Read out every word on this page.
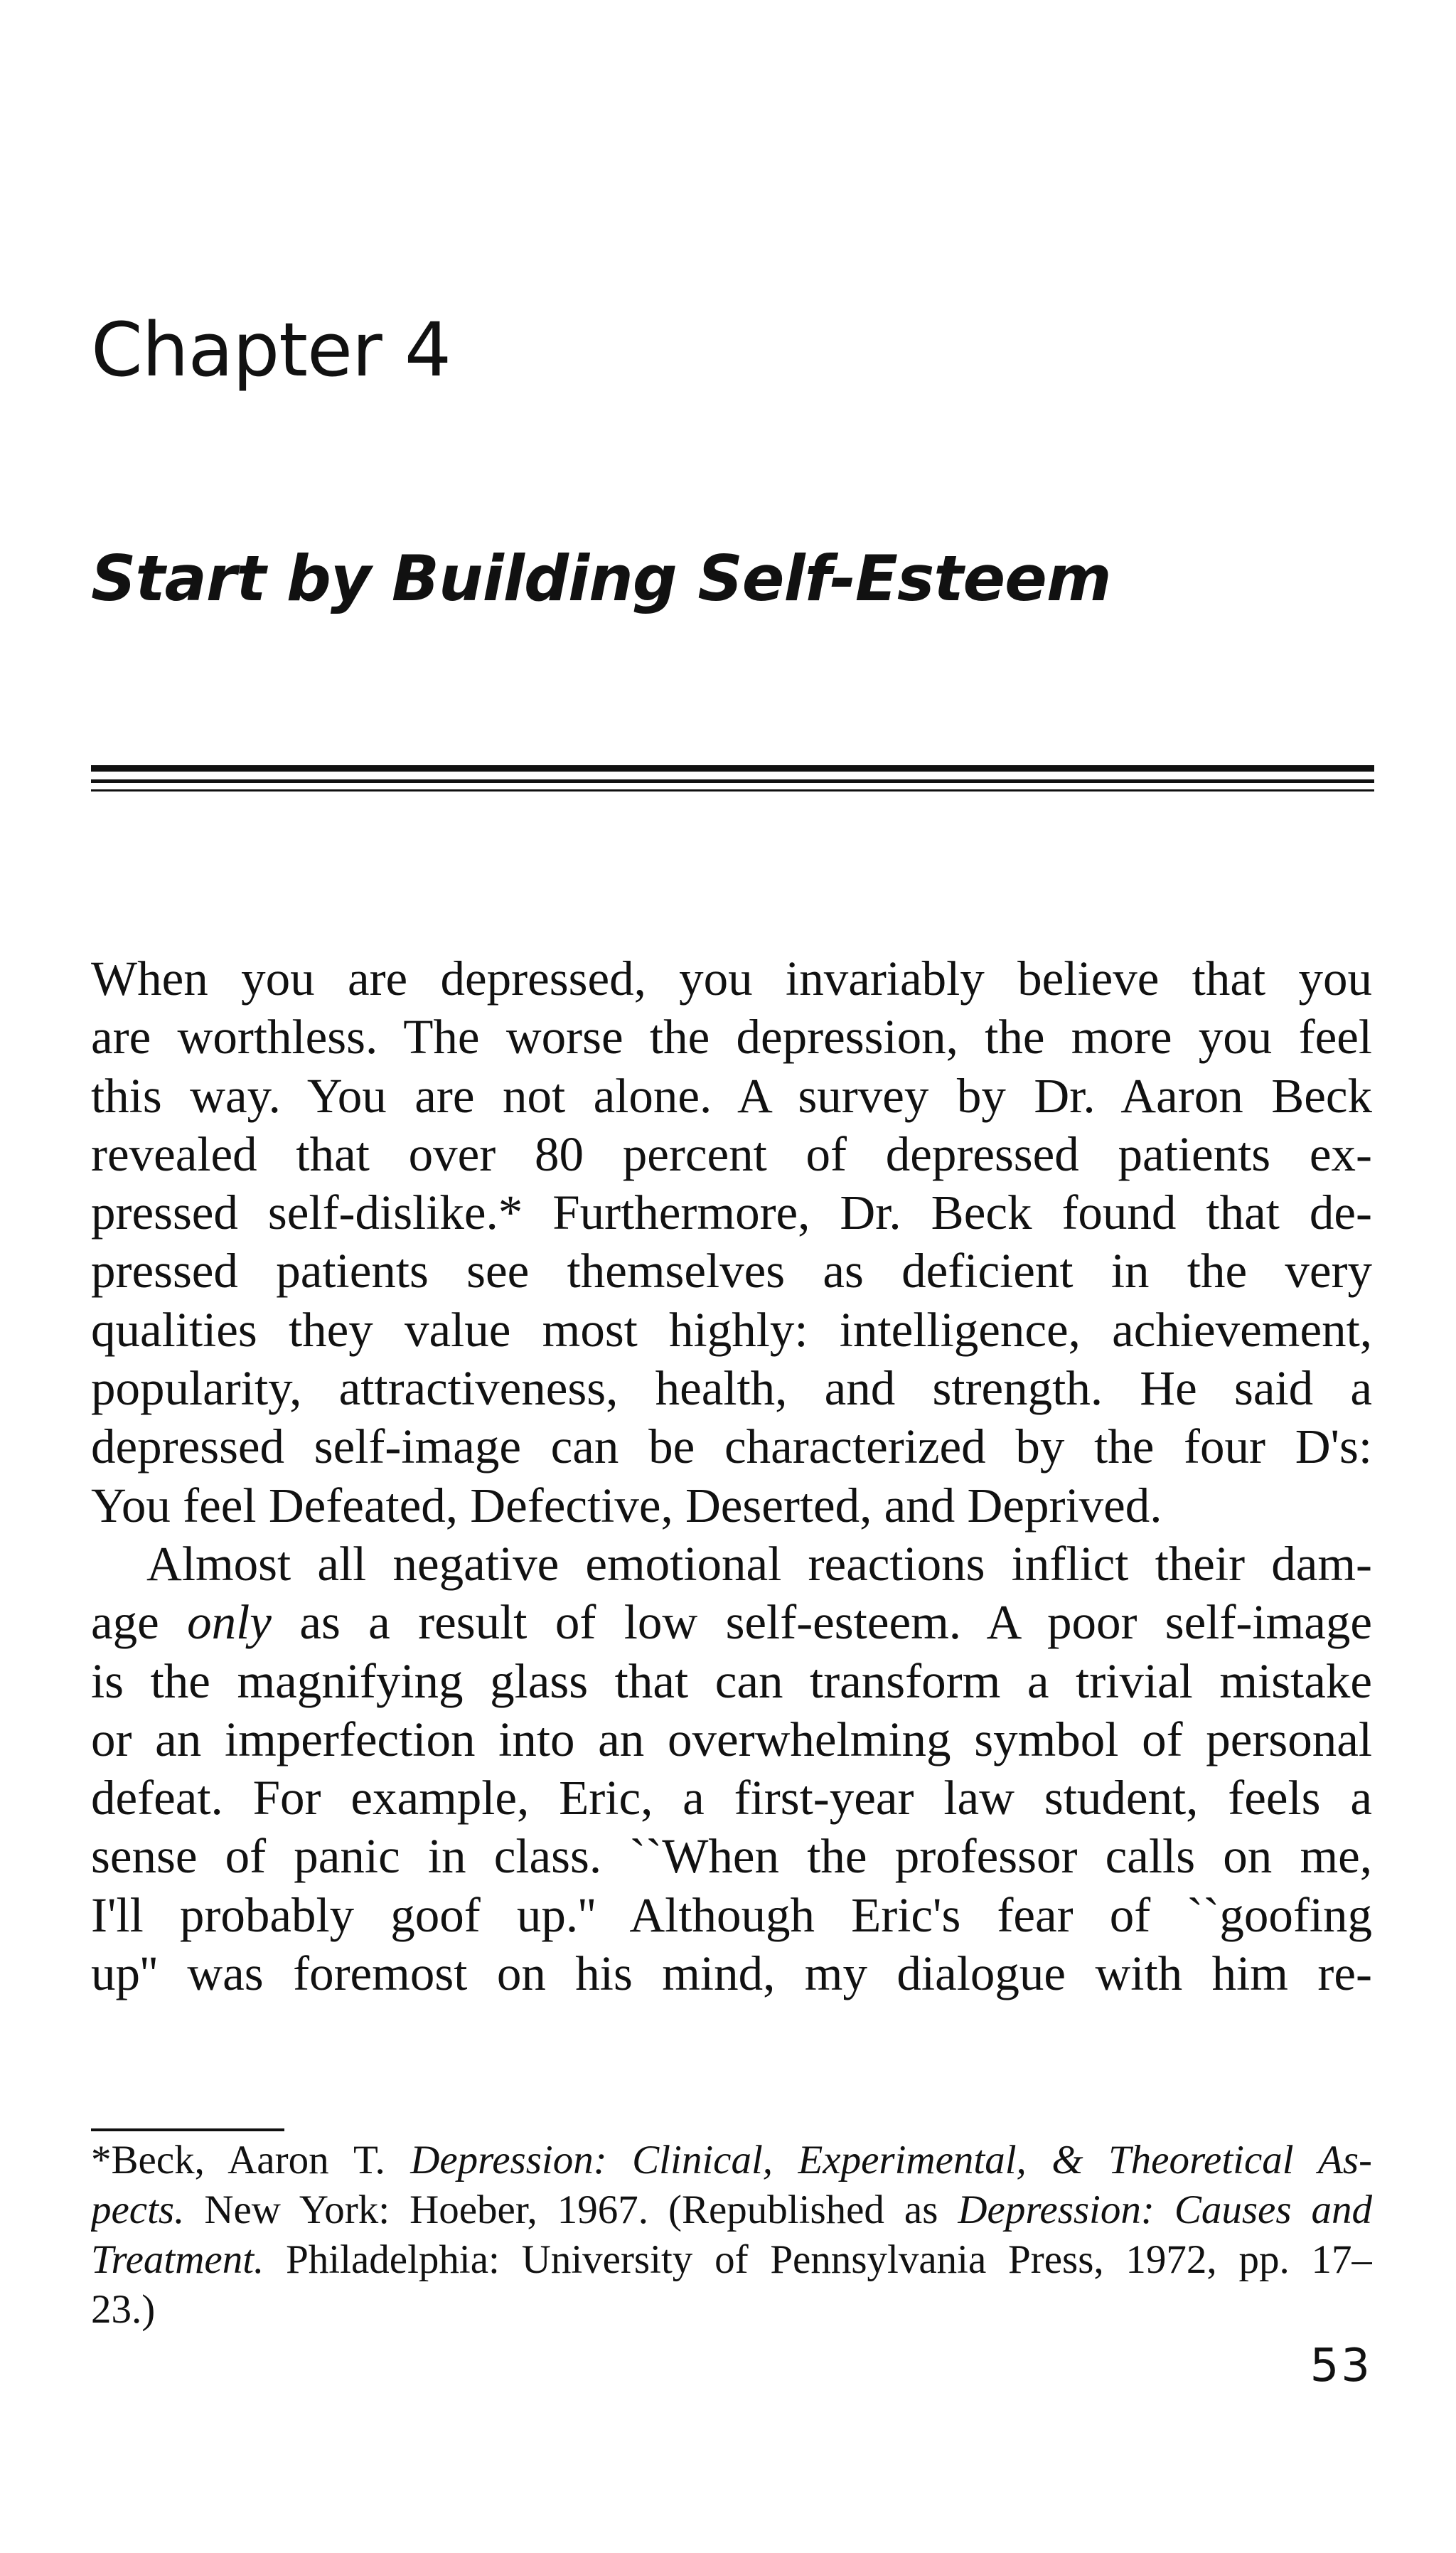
Chapter 4
Start by Building Self-Esteem
When you are depressed, you invariably believe that you
are worthless. The worse the depression, the more you feel
this way. You are not alone. A survey by Dr. Aaron Beck
revealed that over 80 percent of depressed patients ex-
pressed self-dislike.* Furthermore, Dr. Beck found that de-
pressed patients see themselves as deficient in the very
qualities they value most highly: intelligence, achievement,
popularity, attractiveness, health, and strength. He said a
depressed self-image can be characterized by the four D's:
You feel Defeated, Defective, Deserted, and Deprived.
Almost all negative emotional reactions inflict their dam-
age only as a result of low self-esteem. A poor self-image
is the magnifying glass that can transform a trivial mistake
or an imperfection into an overwhelming symbol of personal
defeat. For example, Eric, a first-year law student, feels a
sense of panic in class. ``When the professor calls on me,
I'll probably goof up.'' Although Eric's fear of ``goofing
up'' was foremost on his mind, my dialogue with him re-
*Beck, Aaron T. Depression: Clinical, Experimental, & Theoretical As-
pects. New York: Hoeber, 1967. (Republished as Depression: Causes and
Treatment. Philadelphia: University of Pennsylvania Press, 1972, pp. 17–
23.)
53
